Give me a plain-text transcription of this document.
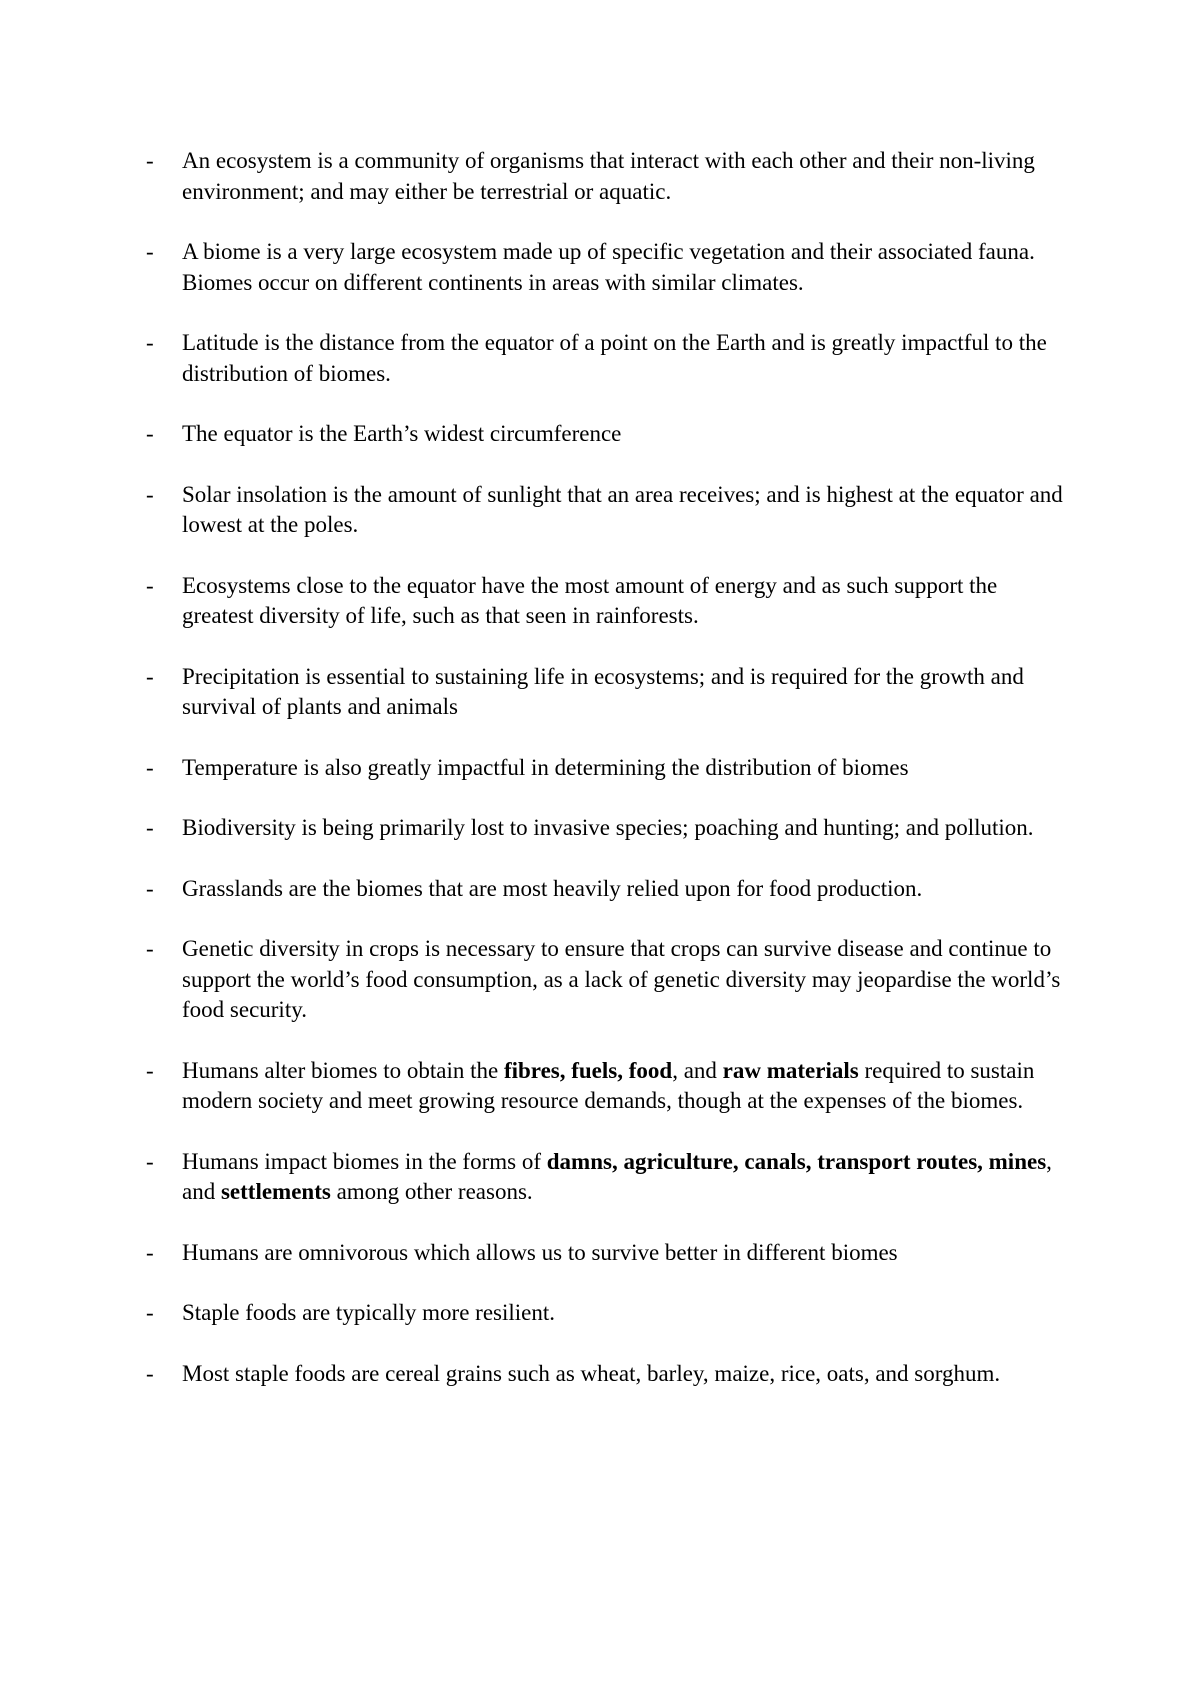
-	An ecosystem is a community of organisms that interact with each other and their non-living environment; and may either be terrestrial or aquatic.
-	A biome is a very large ecosystem made up of specific vegetation and their associated fauna. Biomes occur on different continents in areas with similar climates.
-	Latitude is the distance from the equator of a point on the Earth and is greatly impactful to the distribution of biomes.
-	The equator is the Earth’s widest circumference
-	Solar insolation is the amount of sunlight that an area receives; and is highest at the equator and lowest at the poles.
-	Ecosystems close to the equator have the most amount of energy and as such support the greatest diversity of life, such as that seen in rainforests.
-	Precipitation is essential to sustaining life in ecosystems; and is required for the growth and survival of plants and animals
-	Temperature is also greatly impactful in determining the distribution of biomes
-	Biodiversity is being primarily lost to invasive species; poaching and hunting; and pollution.
-	Grasslands are the biomes that are most heavily relied upon for food production.
-	Genetic diversity in crops is necessary to ensure that crops can survive disease and continue to support the world’s food consumption, as a lack of genetic diversity may jeopardise the world’s food security.
-	Humans alter biomes to obtain the fibres, fuels, food, and raw materials required to sustain modern society and meet growing resource demands, though at the expenses of the biomes.
-	Humans impact biomes in the forms of damns, agriculture, canals, transport routes, mines, and settlements among other reasons.
-	Humans are omnivorous which allows us to survive better in different biomes
-	Staple foods are typically more resilient.
-	Most staple foods are cereal grains such as wheat, barley, maize, rice, oats, and sorghum.
